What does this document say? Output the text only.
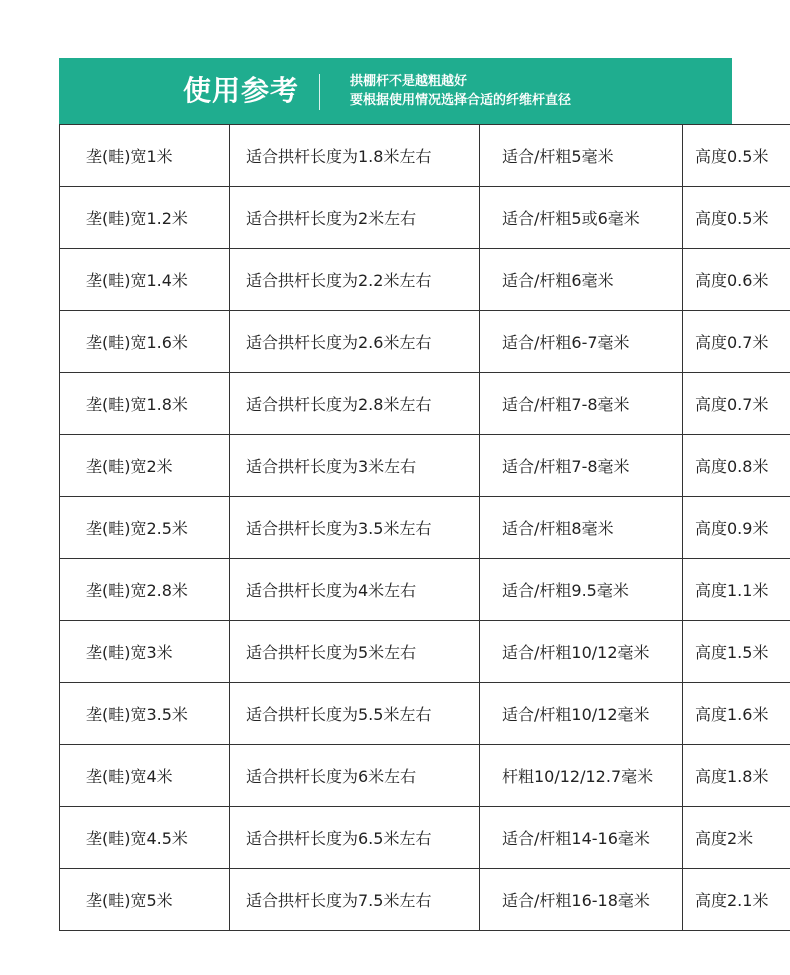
使用参考	拱棚杆不是越粗越好
要根据使用情况选择合适的纤维杆直径
垄(畦)宽1米	适合拱杆长度为1.8米左右	适合/杆粗5毫米	高度0.5米
垄(畦)宽1.2米	适合拱杆长度为2米左右	适合/杆粗5或6毫米	高度0.5米
垄(畦)宽1.4米	适合拱杆长度为2.2米左右	适合/杆粗6毫米	高度0.6米
垄(畦)宽1.6米	适合拱杆长度为2.6米左右	适合/杆粗6-7毫米	高度0.7米
垄(畦)宽1.8米	适合拱杆长度为2.8米左右	适合/杆粗7-8毫米	高度0.7米
垄(畦)宽2米	适合拱杆长度为3米左右	适合/杆粗7-8毫米	高度0.8米
垄(畦)宽2.5米	适合拱杆长度为3.5米左右	适合/杆粗8毫米	高度0.9米
垄(畦)宽2.8米	适合拱杆长度为4米左右	适合/杆粗9.5毫米	高度1.1米
垄(畦)宽3米	适合拱杆长度为5米左右	适合/杆粗10/12毫米	高度1.5米
垄(畦)宽3.5米	适合拱杆长度为5.5米左右	适合/杆粗10/12毫米	高度1.6米
垄(畦)宽4米	适合拱杆长度为6米左右	杆粗10/12/12.7毫米	高度1.8米
垄(畦)宽4.5米	适合拱杆长度为6.5米左右	适合/杆粗14-16毫米	高度2米
垄(畦)宽5米	适合拱杆长度为7.5米左右	适合/杆粗16-18毫米	高度2.1米
